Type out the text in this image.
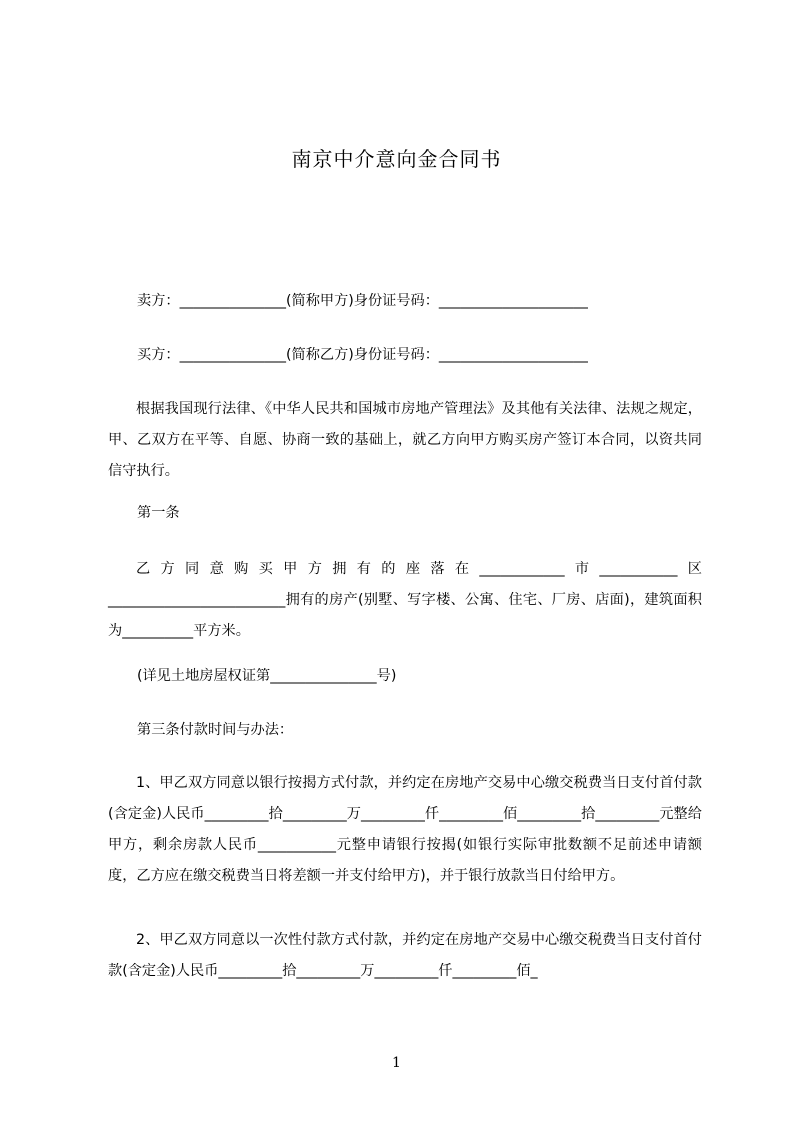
南京中介意向金合同书

卖方：_______________(简称甲方)身份证号码：_____________________

买方：_______________(简称乙方)身份证号码：_____________________

根据我国现行法律、《中华人民共和国城市房地产管理法》及其他有关法律、法规之规定，甲、乙双方在平等、自愿、协商一致的基础上，就乙方向甲方购买房产签订本合同，以资共同信守执行。

第一条

乙方同意购买甲方拥有的座落在____________市___________区_________________________拥有的房产(别墅、写字楼、公寓、住宅、厂房、店面)，建筑面积为__________平方米。

(详见土地房屋权证第_______________号)

第三条付款时间与办法：

1、甲乙双方同意以银行按揭方式付款，并约定在房地产交易中心缴交税费当日支付首付款(含定金)人民币_________拾_________万_________仟_________佰_________拾_________元整给甲方，剩余房款人民币___________元整申请银行按揭(如银行实际审批数额不足前述申请额度，乙方应在缴交税费当日将差额一并支付给甲方)，并于银行放款当日付给甲方。

2、甲乙双方同意以一次性付款方式付款，并约定在房地产交易中心缴交税费当日支付首付款(含定金)人民币_________拾_________万_________仟_________佰_

1
